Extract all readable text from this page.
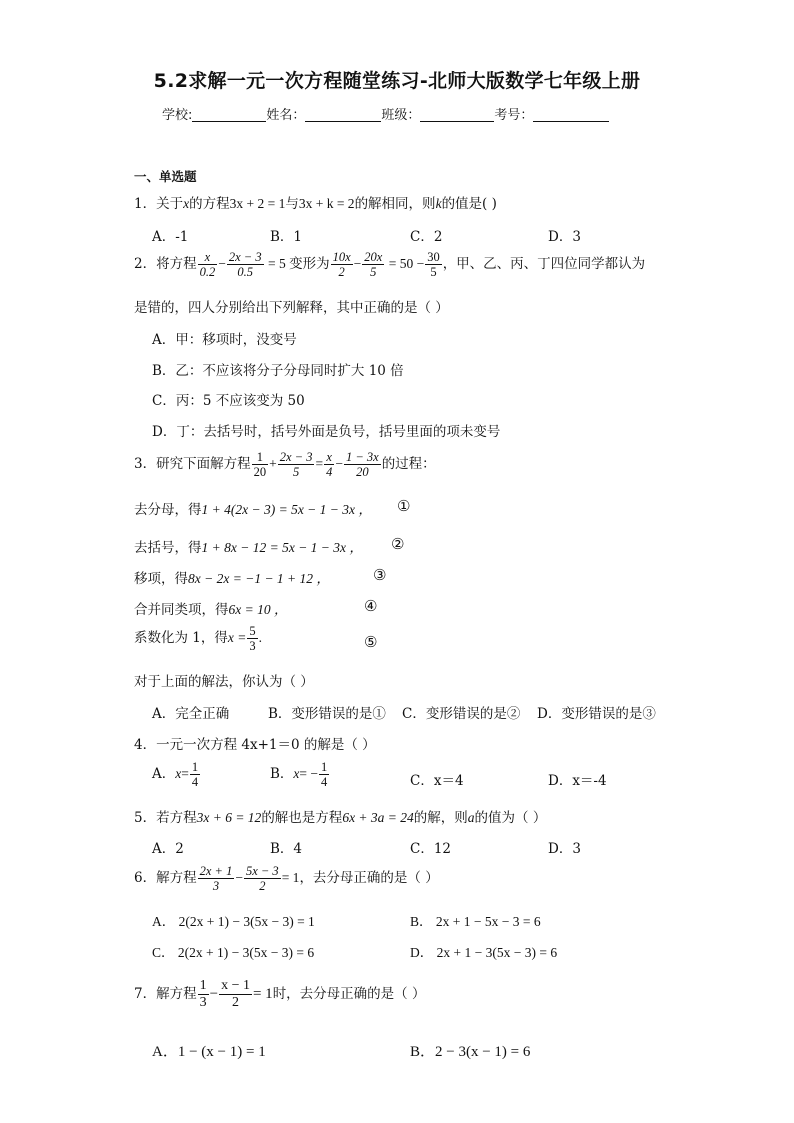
5.2求解一元一次方程随堂练习-北师大版数学七年级上册
学校:	姓名：	班级：	考号：
一、单选题
1．关于x的方程3x + 2 = 1与3x + k = 2的解相同，则k的值是( )
A．-1	B．1	C．2	D．3
2．将方程 $\frac{x}{0.2} - \frac{2x - 3}{0.5} = 5$ 变形为 $\frac{10x}{2} - \frac{20x}{5} = 50 - \frac{30}{5}$ ，甲、乙、丙、丁四位同学都认为
是错的，四人分别给出下列解释，其中正确的是（ ）
A．甲：移项时，没变号
B．乙：不应该将分子分母同时扩大 10 倍
C．丙：5 不应该变为 50
D．丁：去括号时，括号外面是负号，括号里面的项未变号
3．研究下面解方程 $\frac{1}{20} + \frac{2x - 3}{5} = \frac{x}{4} - \frac{1 - 3x}{20}$ 的过程：
去分母，得1 + 4(2x − 3) = 5x − 1 − 3x ， ①
去括号，得1 + 8x − 12 = 5x − 1 − 3x ， ②
移项，得8x − 2x = −1 − 1 + 12 ，	③
合并同类项，得6x = 10 ，	④
系数化为 1，得$x = \frac{5}{3}$ .	⑤
对于上面的解法，你认为（ ）
A．完全正确	B．变形错误的是① C．变形错误的是② D．变形错误的是③
4．一元一次方程 4x+1＝0 的解是（ ）
A．$x= \frac{1}{4}$	B．$x= - \frac{1}{4}$	C．x＝4	D．x＝-4
5．若方程3x + 6 = 12的解也是方程6x + 3a = 24的解，则a的值为（ ）
A．2	B．4	C．12	D．3
6．解方程 $\frac{2x + 1}{3} - \frac{5x - 3}{2} = 1$，去分母正确的是（ ）
A． 2(2x + 1) − 3(5x − 3) = 1	B． 2x + 1 − 5x − 3 = 6
C． 2(2x + 1) − 3(5x − 3) = 6	D． 2x + 1 − 3(5x − 3) = 6
7．解方程 $\frac{1}{3} - \frac{x - 1}{2} = 1$时，去分母正确的是（ ）
A．1 − (x − 1) = 1	B．2 − 3(x − 1) = 6
